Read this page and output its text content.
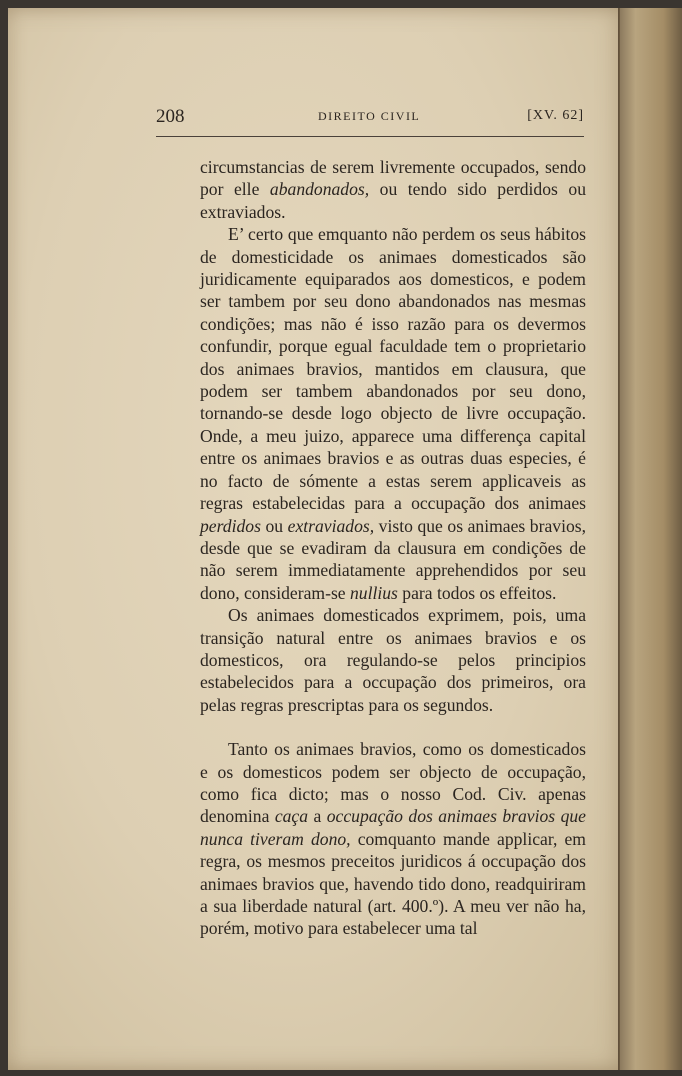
208	DIREITO CIVIL	[XV. 62]

circumstancias de serem livremente occupados, sendo por elle abandonados, ou tendo sido perdidos ou extraviados.

E’ certo que emquanto não perdem os seus hábitos de domesticidade os animaes domesticados são juridicamente equiparados aos domesticos, e podem ser tambem por seu dono abandonados nas mesmas condições; mas não é isso razão para os devermos confundir, porque egual faculdade tem o proprietario dos animaes bravios, mantidos em clausura, que podem ser tambem abandonados por seu dono, tornando-se desde logo objecto de livre occupação. Onde, a meu juizo, apparece uma differença capital entre os animaes bravios e as outras duas especies, é no facto de sómente a estas serem applicaveis as regras estabelecidas para a occupação dos animaes perdidos ou extraviados, visto que os animaes bravios, desde que se evadiram da clausura em condições de não serem immediatamente apprehendidos por seu dono, consideram-se nullius para todos os effeitos.

Os animaes domesticados exprimem, pois, uma transição natural entre os animaes bravios e os domesticos, ora regulando-se pelos principios estabelecidos para a occupação dos primeiros, ora pelas regras prescriptas para os segundos.

Tanto os animaes bravios, como os domesticados e os domesticos podem ser objecto de occupação, como fica dicto; mas o nosso Cod. Civ. apenas denomina caça a occupação dos animaes bravios que nunca tiveram dono, comquanto mande applicar, em regra, os mesmos preceitos juridicos á occupação dos animaes bravios que, havendo tido dono, readquiriram a sua liberdade natural (art. 400.º). A meu ver não ha, porém, motivo para estabelecer uma tal
